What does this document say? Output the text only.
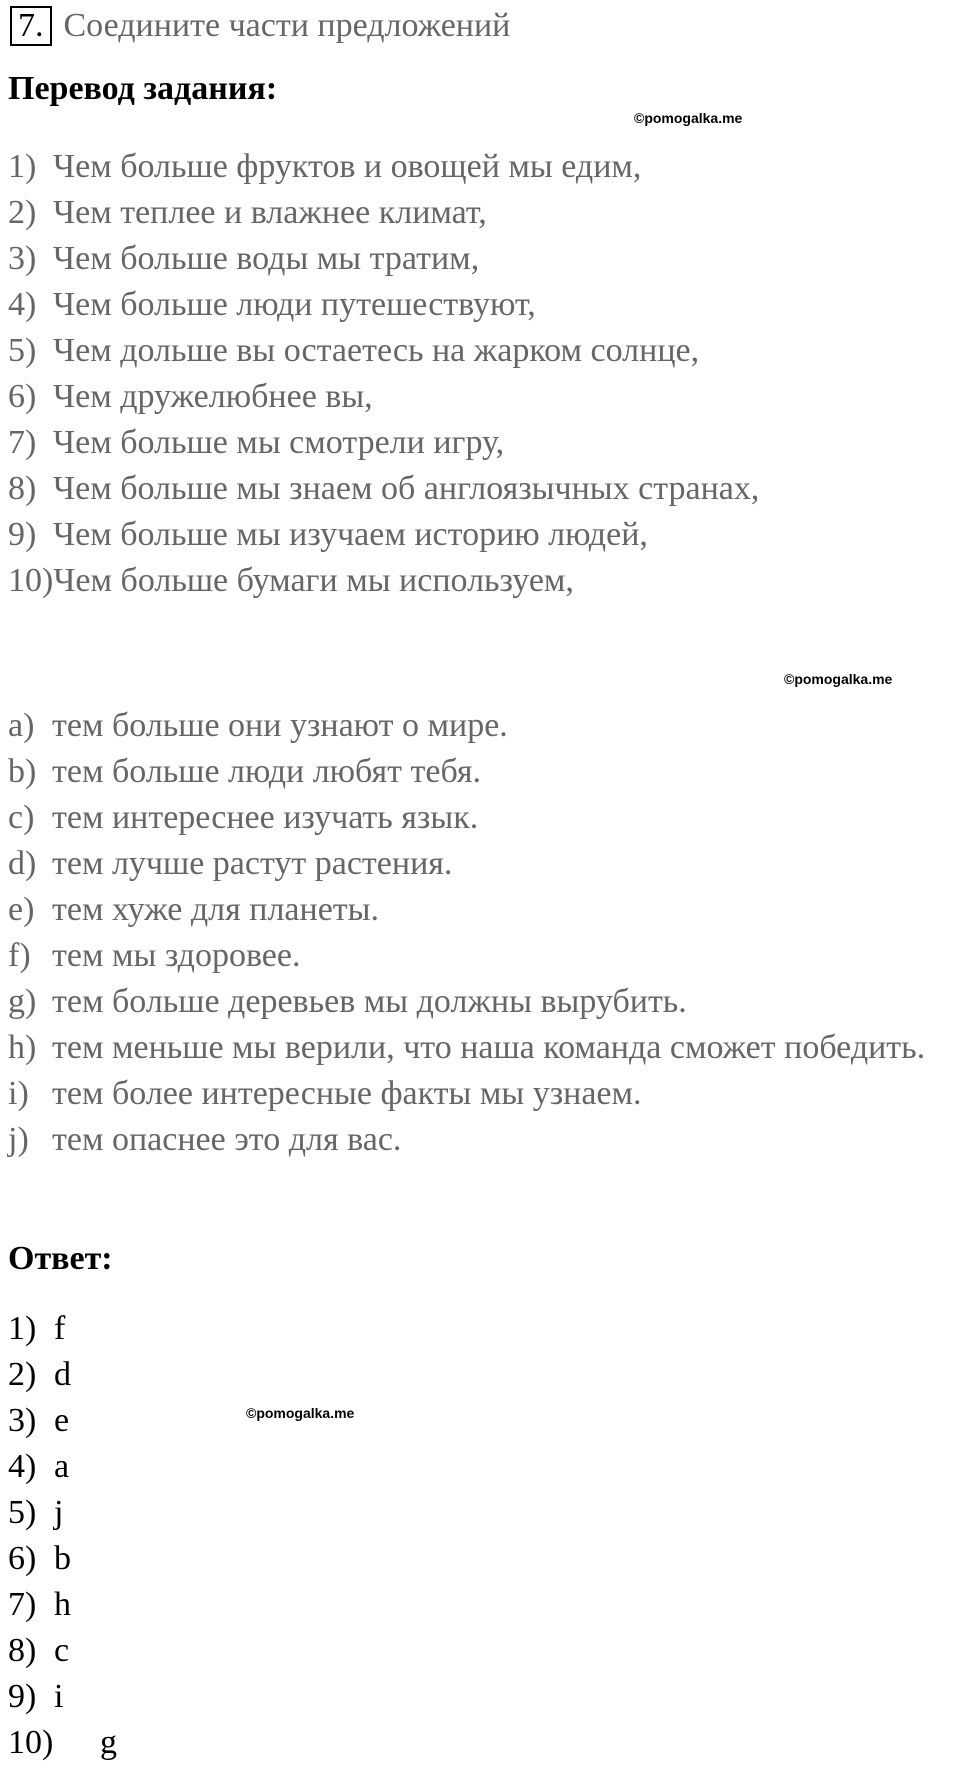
7. Соедините части предложений
Перевод задания:
©pomogalka.me
1) Чем больше фруктов и овощей мы едим,
2) Чем теплее и влажнее климат,
3) Чем больше воды мы тратим,
4) Чем больше люди путешествуют,
5) Чем дольше вы остаетесь на жарком солнце,
6) Чем дружелюбнее вы,
7) Чем больше мы смотрели игру,
8) Чем больше мы знаем об англоязычных странах,
9) Чем больше мы изучаем историю людей,
10) Чем больше бумаги мы используем,
©pomogalka.me
a) тем больше они узнают о мире.
b) тем больше люди любят тебя.
c) тем интереснее изучать язык.
d) тем лучше растут растения.
e) тем хуже для планеты.
f) тем мы здоровее.
g) тем больше деревьев мы должны вырубить.
h) тем меньше мы верили, что наша команда сможет победить.
i) тем более интересные факты мы узнаем.
j) тем опаснее это для вас.
Ответ:
©pomogalka.me
1) f
2) d
3) e
4) a
5) j
6) b
7) h
8) c
9) i
10)	g
